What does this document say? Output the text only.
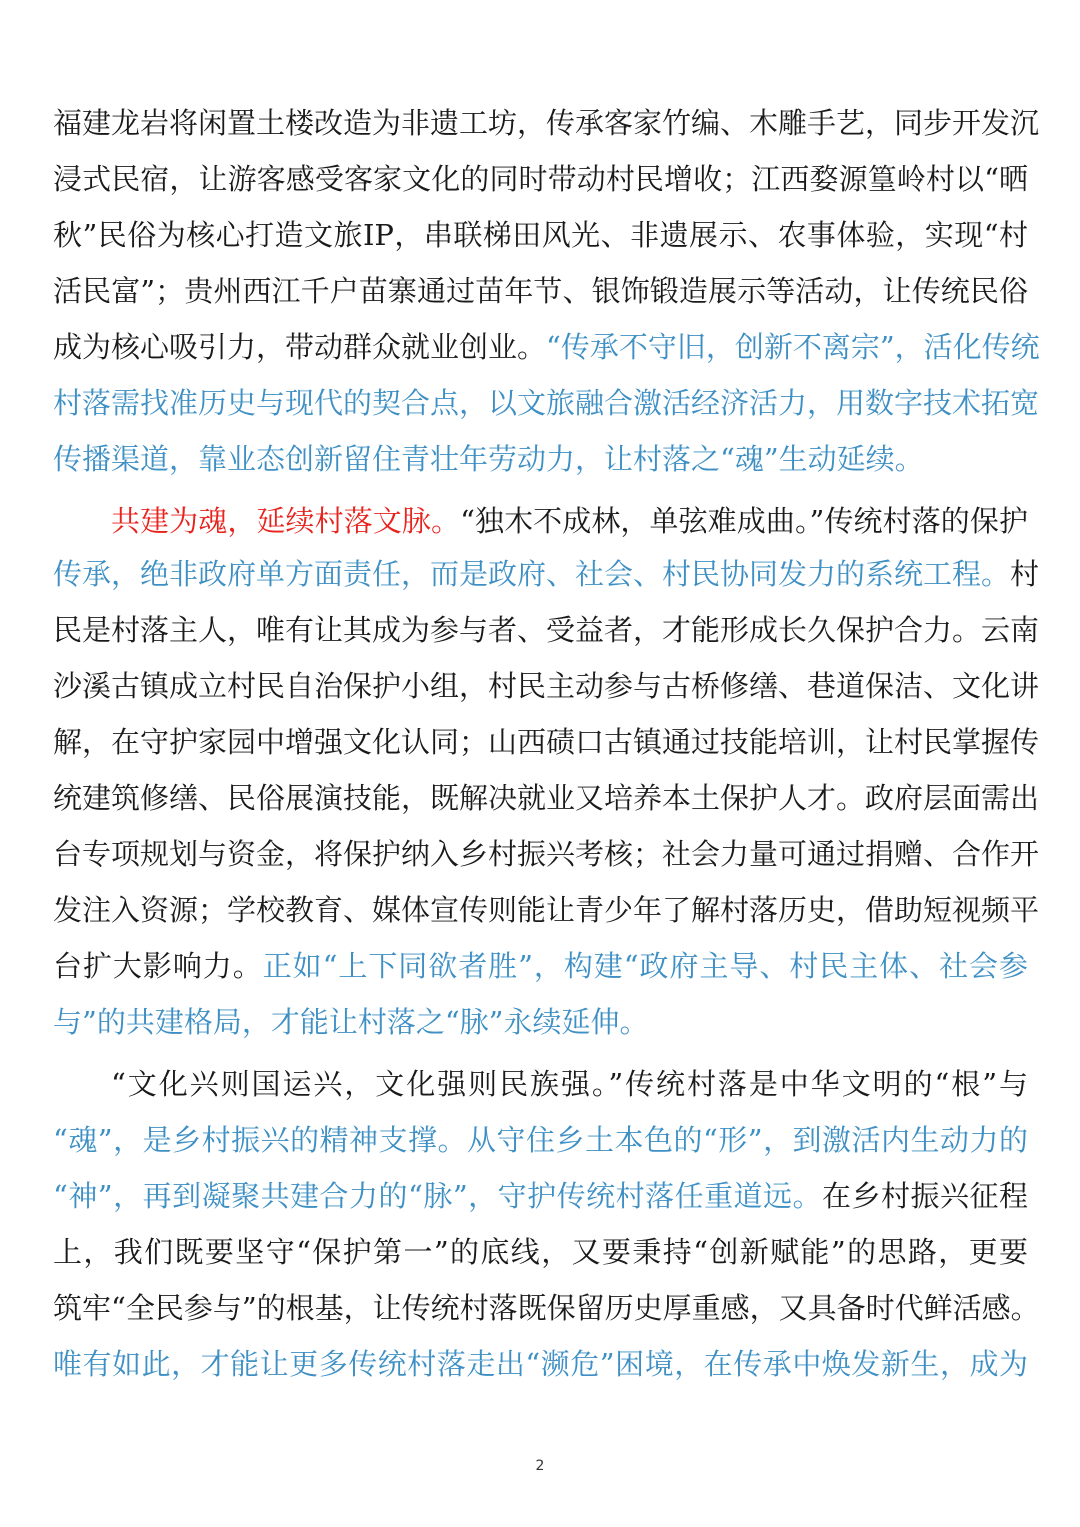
福建龙岩将闲置土楼改造为非遗工坊，传承客家竹编、木雕手艺，同步开发沉
浸式民宿，让游客感受客家文化的同时带动村民增收；江西婺源篁岭村以“晒
秋”民俗为核心打造文旅IP，串联梯田风光、非遗展示、农事体验，实现“村
活民富”；贵州西江千户苗寨通过苗年节、银饰锻造展示等活动，让传统民俗
成为核心吸引力，带动群众就业创业。“传承不守旧，创新不离宗”，活化传统
村落需找准历史与现代的契合点，以文旅融合激活经济活力，用数字技术拓宽
传播渠道，靠业态创新留住青壮年劳动力，让村落之“魂”生动延续。
共建为魂，延续村落文脉。“独木不成林，单弦难成曲。”传统村落的保护
传承，绝非政府单方面责任，而是政府、社会、村民协同发力的系统工程。村
民是村落主人，唯有让其成为参与者、受益者，才能形成长久保护合力。云南
沙溪古镇成立村民自治保护小组，村民主动参与古桥修缮、巷道保洁、文化讲
解，在守护家园中增强文化认同；山西碛口古镇通过技能培训，让村民掌握传
统建筑修缮、民俗展演技能，既解决就业又培养本土保护人才。政府层面需出
台专项规划与资金，将保护纳入乡村振兴考核；社会力量可通过捐赠、合作开
发注入资源；学校教育、媒体宣传则能让青少年了解村落历史，借助短视频平
台扩大影响力。正如“上下同欲者胜”，构建“政府主导、村民主体、社会参
与”的共建格局，才能让村落之“脉”永续延伸。
“文化兴则国运兴，文化强则民族强。”传统村落是中华文明的“根”与
“魂”，是乡村振兴的精神支撑。从守住乡土本色的“形”，到激活内生动力的
“神”，再到凝聚共建合力的“脉”，守护传统村落任重道远。在乡村振兴征程
上，我们既要坚守“保护第一”的底线，又要秉持“创新赋能”的思路，更要
筑牢“全民参与”的根基，让传统村落既保留历史厚重感，又具备时代鲜活感。
唯有如此，才能让更多传统村落走出“濒危”困境，在传承中焕发新生，成为
2
